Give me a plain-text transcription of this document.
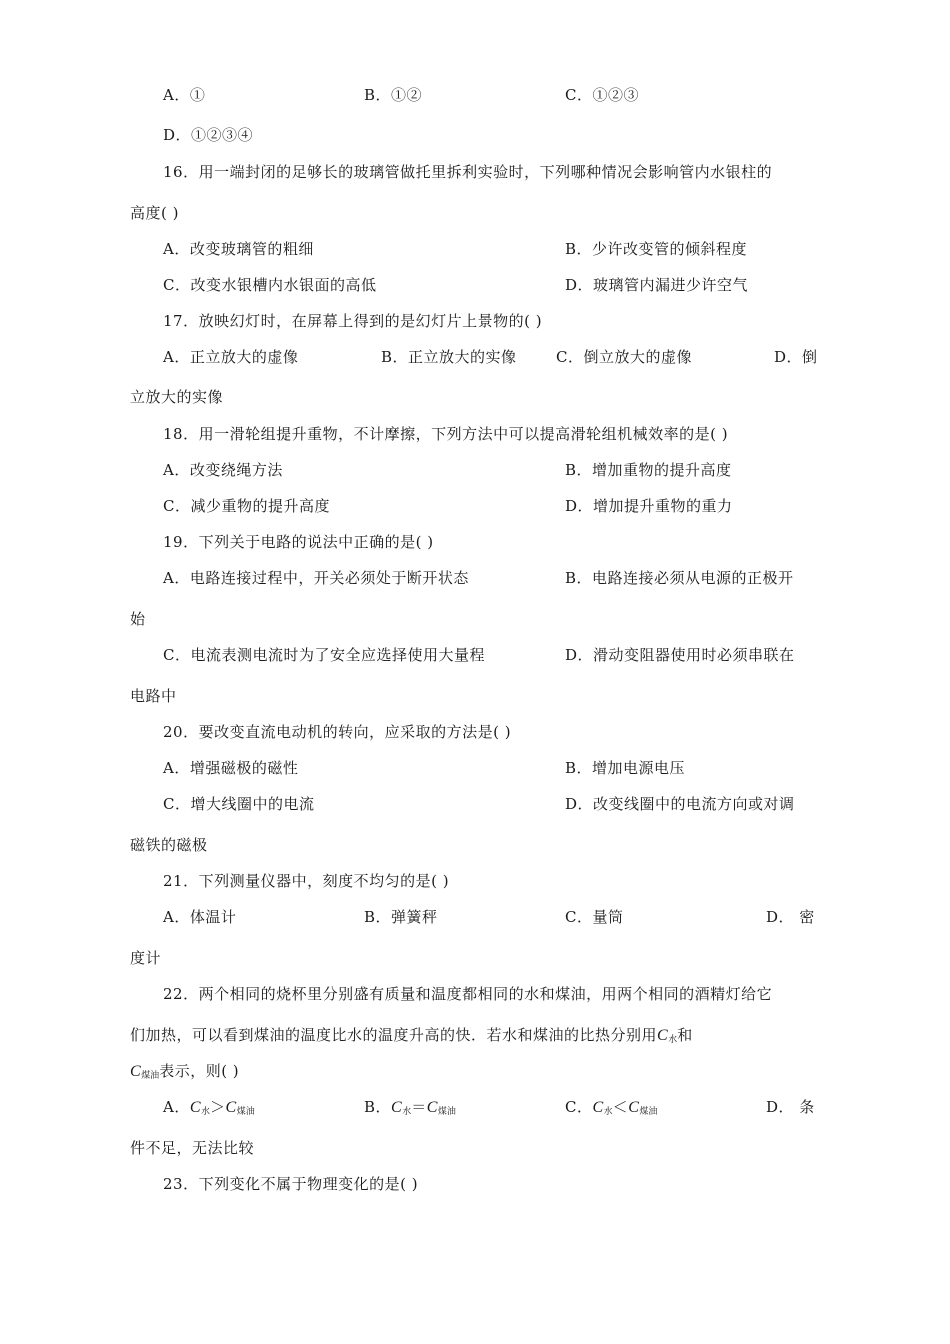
A．①	B．①②	C．①②③
D．①②③④
16．用一端封闭的足够长的玻璃管做托里拆利实验时，下列哪种情况会影响管内水银柱的
高度( )
A．改变玻璃管的粗细	B．少许改变管的倾斜程度
C．改变水银槽内水银面的高低	D．玻璃管内漏进少许空气
17．放映幻灯时，在屏幕上得到的是幻灯片上景物的( )
A．正立放大的虚像	B．正立放大的实像	C．倒立放大的虚像	D．倒
立放大的实像
18．用一滑轮组提升重物，不计摩擦，下列方法中可以提高滑轮组机械效率的是( )
A．改变绕绳方法	B．增加重物的提升高度
C．减少重物的提升高度	D．增加提升重物的重力
19．下列关于电路的说法中正确的是( )
A．电路连接过程中，开关必须处于断开状态	B．电路连接必须从电源的正极开
始
C．电流表测电流时为了安全应选择使用大量程	D．滑动变阻器使用时必须串联在
电路中
20．要改变直流电动机的转向，应采取的方法是( )
A．增强磁极的磁性	B．增加电源电压
C．增大线圈中的电流	D．改变线圈中的电流方向或对调
磁铁的磁极
21．下列测量仪器中，刻度不均匀的是( )
A．体温计	B．弹簧秤	C．量筒	D． 密
度计
22．两个相同的烧杯里分别盛有质量和温度都相同的水和煤油，用两个相同的酒精灯给它
们加热，可以看到煤油的温度比水的温度升高的快．若水和煤油的比热分别用$C_水$和
$C_{煤油}$表示，则( )
A．$C_水>C_{煤油}$	B．$C_水=C_{煤油}$	C．$C_水<C_{煤油}$	D． 条
件不足，无法比较
23．下列变化不属于物理变化的是( )
